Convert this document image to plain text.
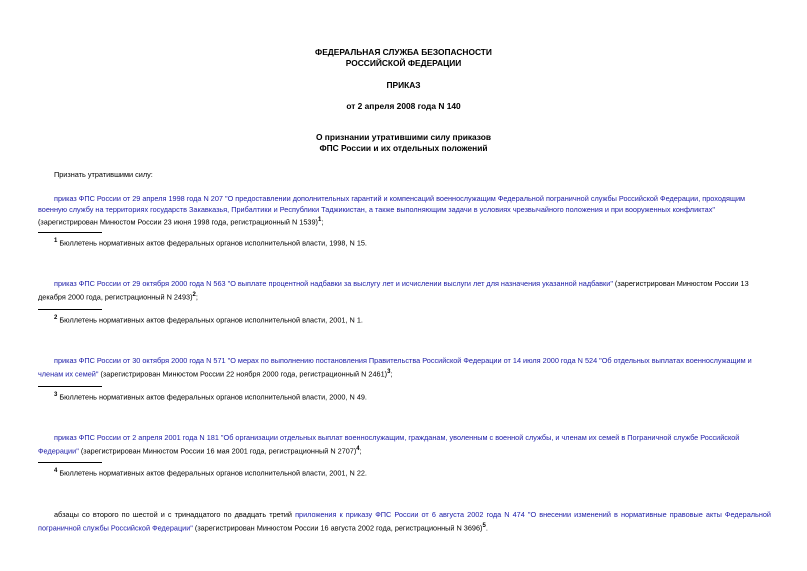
ФЕДЕРАЛЬНАЯ СЛУЖБА БЕЗОПАСНОСТИ
РОССИЙСКОЙ ФЕДЕРАЦИИ
ПРИКАЗ
от 2 апреля 2008 года N 140
О признании утратившими силу приказов
ФПС России и их отдельных положений

Признать утратившими силу:

приказ ФПС России от 29 апреля 1998 года N 207 "О предоставлении дополнительных гарантий и компенсаций военнослужащим Федеральной пограничной службы Российской Федерации, проходящим военную службу на территориях государств Закавказья, Прибалтики и Республики Таджикистан, а также выполняющим задачи в условиях чрезвычайного положения и при вооруженных конфликтах" (зарегистрирован Минюстом России 23 июня 1998 года, регистрационный N 1539)$^1$;

$^1$ Бюллетень нормативных актов федеральных органов исполнительной власти, 1998, N 15.

приказ ФПС России от 29 октября 2000 года N 563 "О выплате процентной надбавки за выслугу лет и исчислении выслуги лет для назначения указанной надбавки" (зарегистрирован Минюстом России 13 декабря 2000 года, регистрационный N 2493)$^2$;

$^2$ Бюллетень нормативных актов федеральных органов исполнительной власти, 2001, N 1.

приказ ФПС России от 30 октября 2000 года N 571 "О мерах по выполнению постановления Правительства Российской Федерации от 14 июля 2000 года N 524 "Об отдельных выплатах военнослужащим и членам их семей" (зарегистрирован Минюстом России 22 ноября 2000 года, регистрационный N 2461)$^3$;

$^3$ Бюллетень нормативных актов федеральных органов исполнительной власти, 2000, N 49.

приказ ФПС России от 2 апреля 2001 года N 181 "Об организации отдельных выплат военнослужащим, гражданам, уволенным с военной службы, и членам их семей в Пограничной службе Российской Федерации" (зарегистрирован Минюстом России 16 мая 2001 года, регистрационный N 2707)$^4$;

$^4$ Бюллетень нормативных актов федеральных органов исполнительной власти, 2001, N 22.

абзацы со второго по шестой и с тринадцатого по двадцать третий приложения к приказу ФПС России от 6 августа 2002 года N 474 "О внесении изменений в нормативные правовые акты Федеральной пограничной службы Российской Федерации" (зарегистрирован Минюстом России 16 августа 2002 года, регистрационный N 3696)$^5$.
